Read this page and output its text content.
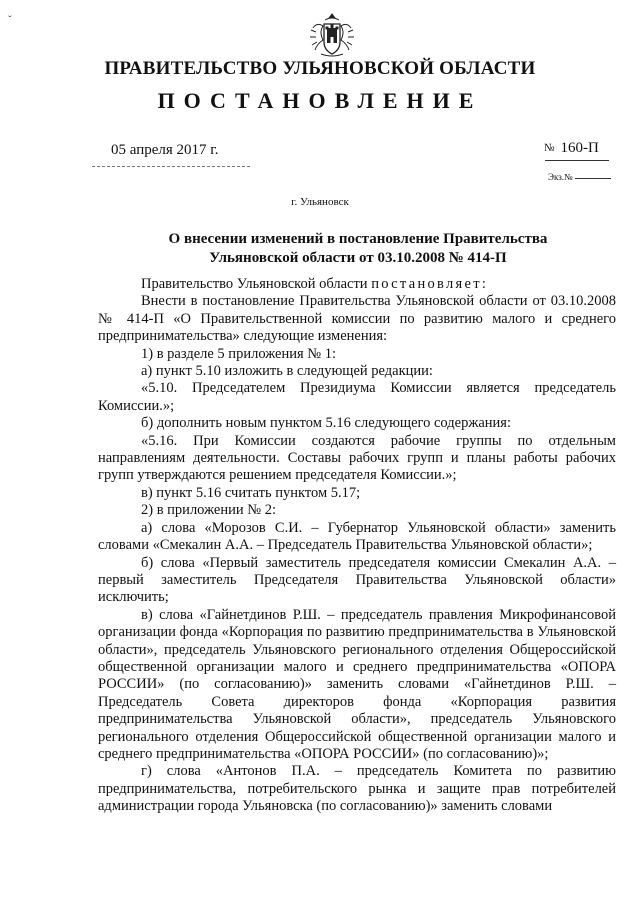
ˇ
ПРАВИТЕЛЬСТВО УЛЬЯНОВСКОЙ ОБЛАСТИ
ПОСТАНОВЛЕНИЕ
05 апреля 2017 г.	№ 160-П
Экз.№
г. Ульяновск
О внесении изменений в постановление Правительства
Ульяновской области от 03.10.2008 № 414-П

Правительство Ульяновской области постановляет:

Внести в постановление Правительства Ульяновской области от 03.10.2008 № 414-П «О Правительственной комиссии по развитию малого и среднего предпринимательства» следующие изменения:

1) в разделе 5 приложения № 1:

а) пункт 5.10 изложить в следующей редакции:

«5.10. Председателем Президиума Комиссии является председатель Комиссии.»;

б) дополнить новым пунктом 5.16 следующего содержания:

«5.16. При Комиссии создаются рабочие группы по отдельным направлениям деятельности. Составы рабочих групп и планы работы рабочих групп утверждаются решением председателя Комиссии.»;

в) пункт 5.16 считать пунктом 5.17;

2) в приложении № 2:

а) слова «Морозов С.И. – Губернатор Ульяновской области» заменить словами «Смекалин А.А. – Председатель Правительства Ульяновской области»;

б) слова «Первый заместитель председателя комиссии Смекалин А.А. – первый заместитель Председателя Правительства Ульяновской области» исключить;

в) слова «Гайнетдинов Р.Ш. – председатель правления Микрофинансовой организации фонда «Корпорация по развитию предпринимательства в Ульяновской области», председатель Ульяновского регионального отделения Общероссийской общественной организации малого и среднего предпринимательства «ОПОРА РОССИИ» (по согласованию)» заменить словами «Гайнетдинов Р.Ш. – Председатель Совета директоров фонда «Корпорация развития предпринимательства Ульяновской области», председатель Ульяновского регионального отделения Общероссийской общественной организации малого и среднего предпринимательства «ОПОРА РОССИИ» (по согласованию)»;

г) слова «Антонов П.А. – председатель Комитета по развитию предпринимательства, потребительского рынка и защите прав потребителей администрации города Ульяновска (по согласованию)» заменить словами
